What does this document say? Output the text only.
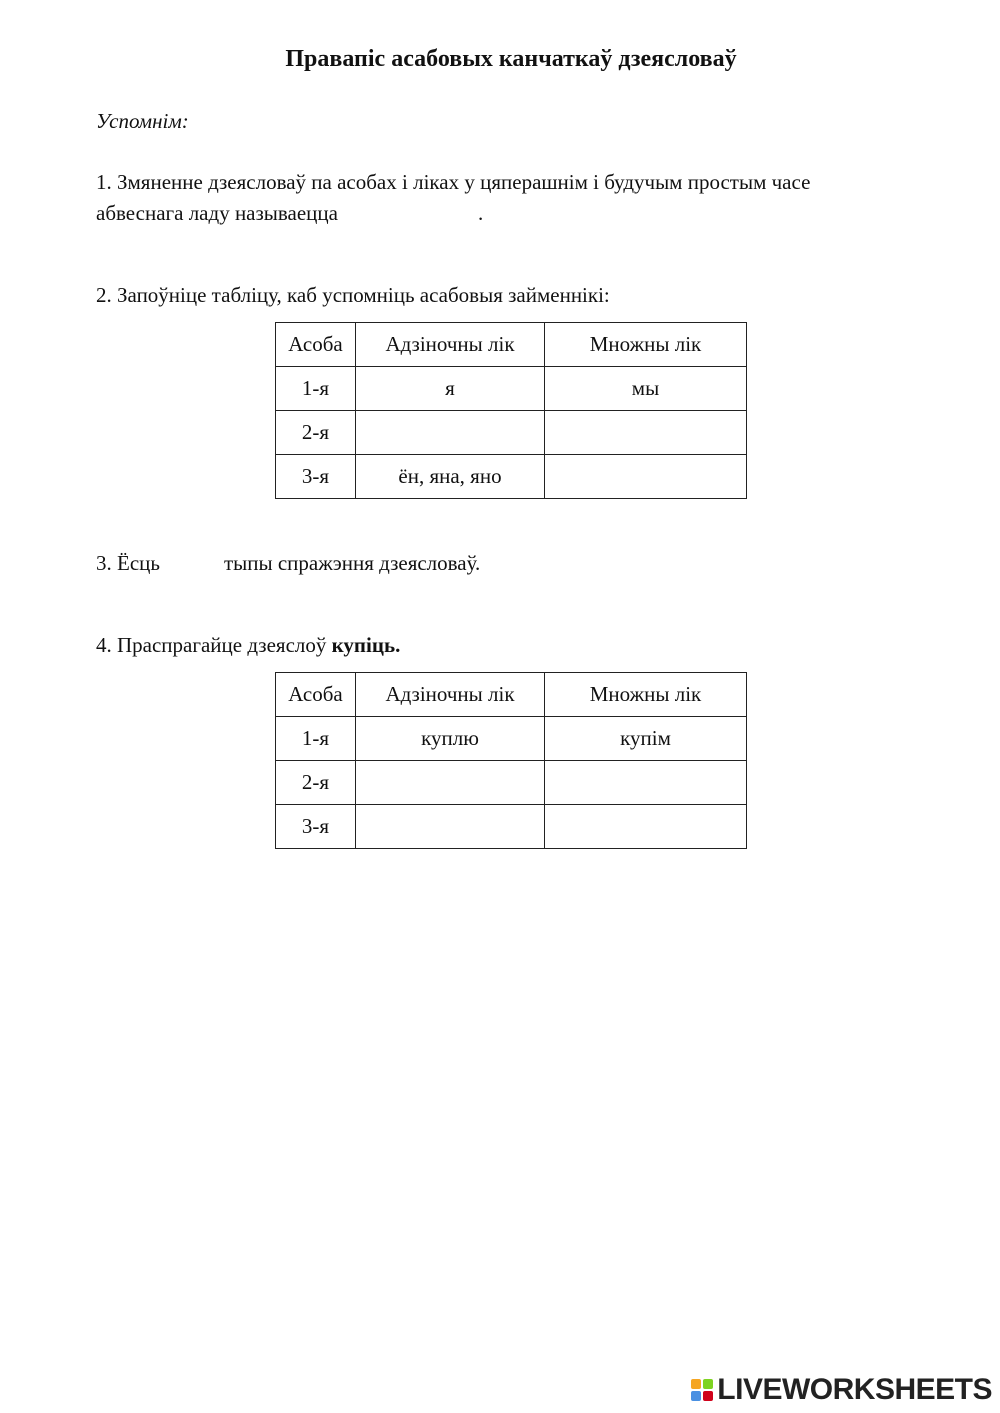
Правапіс асабовых канчаткаў дзеясловаў

Успомнім:

1. Змяненне дзеясловаў па асобах і ліках у цяперашнім і будучым простым часе
абвеснага ладу называецца	.

2. Запоўніце табліцу, каб успомніць асабовыя займеннікі:

Асоба	Адзіночны лік	Множны лік
1-я	я	мы
2-я		
3-я	ён, яна, яно	

3. Ёсць	тыпы спражэння дзеясловаў.

4. Праспрагайце дзеяслоў купіць.

Асоба	Адзіночны лік	Множны лік
1-я	куплю	купім
2-я		
3-я		
LIVEWORKSHEETS
